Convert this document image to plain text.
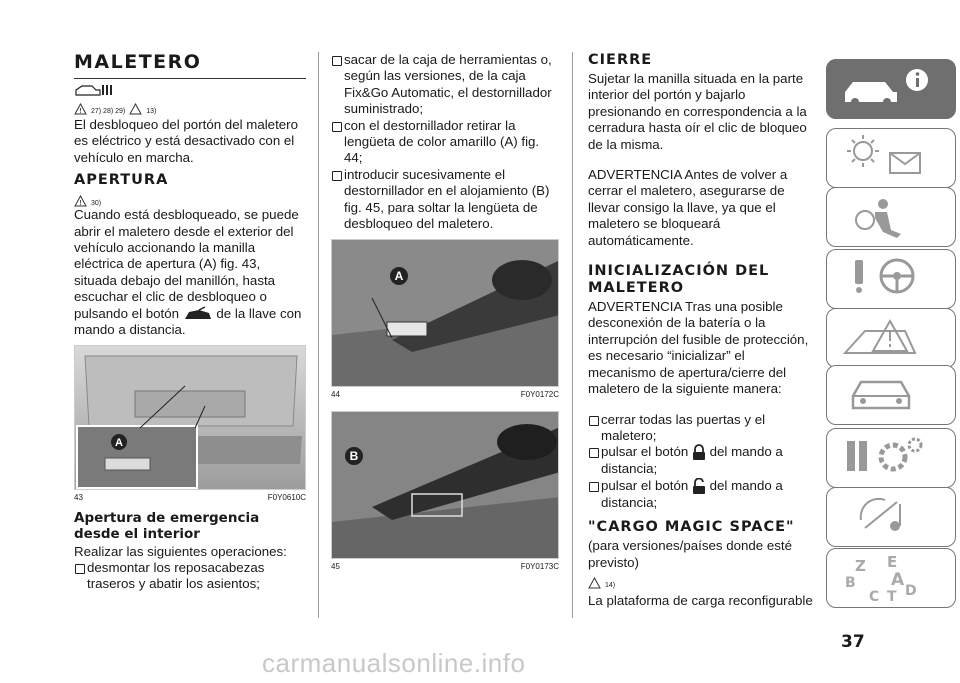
MALETERO
! 27) 28) 29)	13)

El desbloqueo del portón del maletero es eléctrico y está desactivado con el vehículo en marcha.

APERTURA
! 30)

Cuando está desbloqueado, se puede abrir el maletero desde el exterior del vehículo accionando la manilla eléctrica de apertura (A) fig. 43, situada debajo del manillón, hasta escuchar el clic de desbloqueo o pulsando el botón	de la llave con mando a distancia.

A
43	F0Y0610C
Apertura de emergencia desde el interior

Realizar las siguientes operaciones:

desmontar los reposacabezas traseros y abatir los asientos;
sacar de la caja de herramientas o, según las versiones, de la caja Fix&Go Automatic, el destornillador suministrado;
con el destornillador retirar la lengüeta de color amarillo (A) fig. 44;
introducir sucesivamente el destornillador en el alojamiento (B) fig. 45, para soltar la lengüeta de desbloqueo del maletero.
A
44	F0Y0172C
B
45	F0Y0173C
CIERRE

Sujetar la manilla situada en la parte interior del portón y bajarlo presionando en correspondencia a la cerradura hasta oír el clic de bloqueo de la misma.

ADVERTENCIA Antes de volver a cerrar el maletero, asegurarse de llevar consigo la llave, ya que el maletero se bloqueará automáticamente.

INICIALIZACIÓN DEL MALETERO

ADVERTENCIA Tras una posible desconexión de la batería o la interrupción del fusible de protección, es necesario “inicializar” el mecanismo de apertura/cierre del maletero de la siguiente manera:

cerrar todas las puertas y el maletero;
pulsar el botón del mando a distancia;
pulsar el botón del mando a distancia;
"CARGO MAGIC SPACE"

(para versiones/países donde esté previsto)

14)

La plataforma de carga reconfigurable

Z E
B A
C T D
37
carmanualsonline.info
